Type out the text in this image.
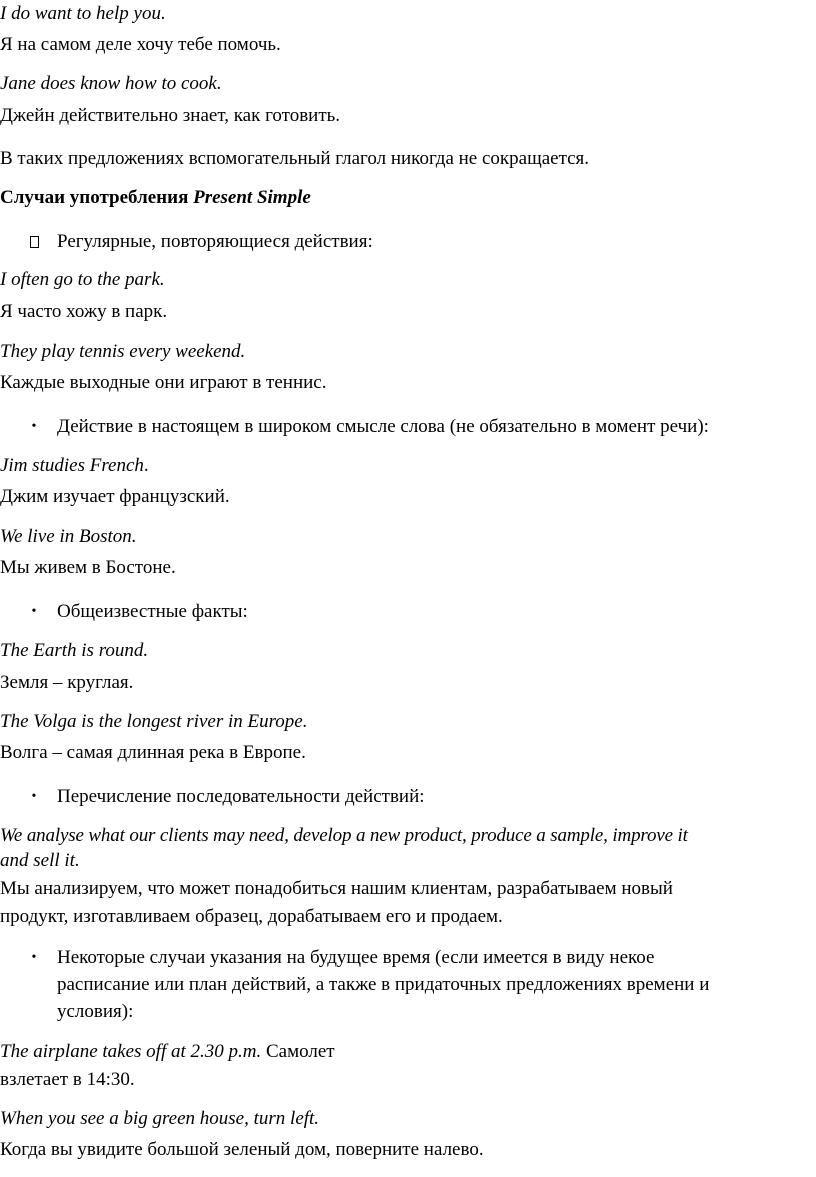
I do want to help you.
Я на самом деле хочу тебе помочь.
Jane does know how to cook.
Джейн действительно знает, как готовить.
В таких предложениях вспомогательный глагол никогда не сокращается.
Случаи употребления Present Simple
Регулярные, повторяющиеся действия:
I often go to the park.
Я часто хожу в парк.
They play tennis every weekend.
Каждые выходные они играют в теннис.
• Действие в настоящем в широком смысле слова (не обязательно в момент речи):
Jim studies French.
Джим изучает французский.
We live in Boston.
Мы живем в Бостоне.
• Общеизвестные факты:
The Earth is round.
Земля – круглая.
The Volga is the longest river in Europe.
Волга – самая длинная река в Европе.
• Перечисление последовательности действий:
We analyse what our clients may need, develop a new product, produce a sample, improve it
and sell it.
Мы анализируем, что может понадобиться нашим клиентам, разрабатываем новый
продукт, изготавливаем образец, дорабатываем его и продаем.
• Некоторые случаи указания на будущее время (если имеется в виду некое
расписание или план действий, а также в придаточных предложениях времени и
условия):
The airplane takes off at 2.30 p.m. Самолет
взлетает в 14:30.
When you see a big green house, turn left.
Когда вы увидите большой зеленый дом, поверните налево.
